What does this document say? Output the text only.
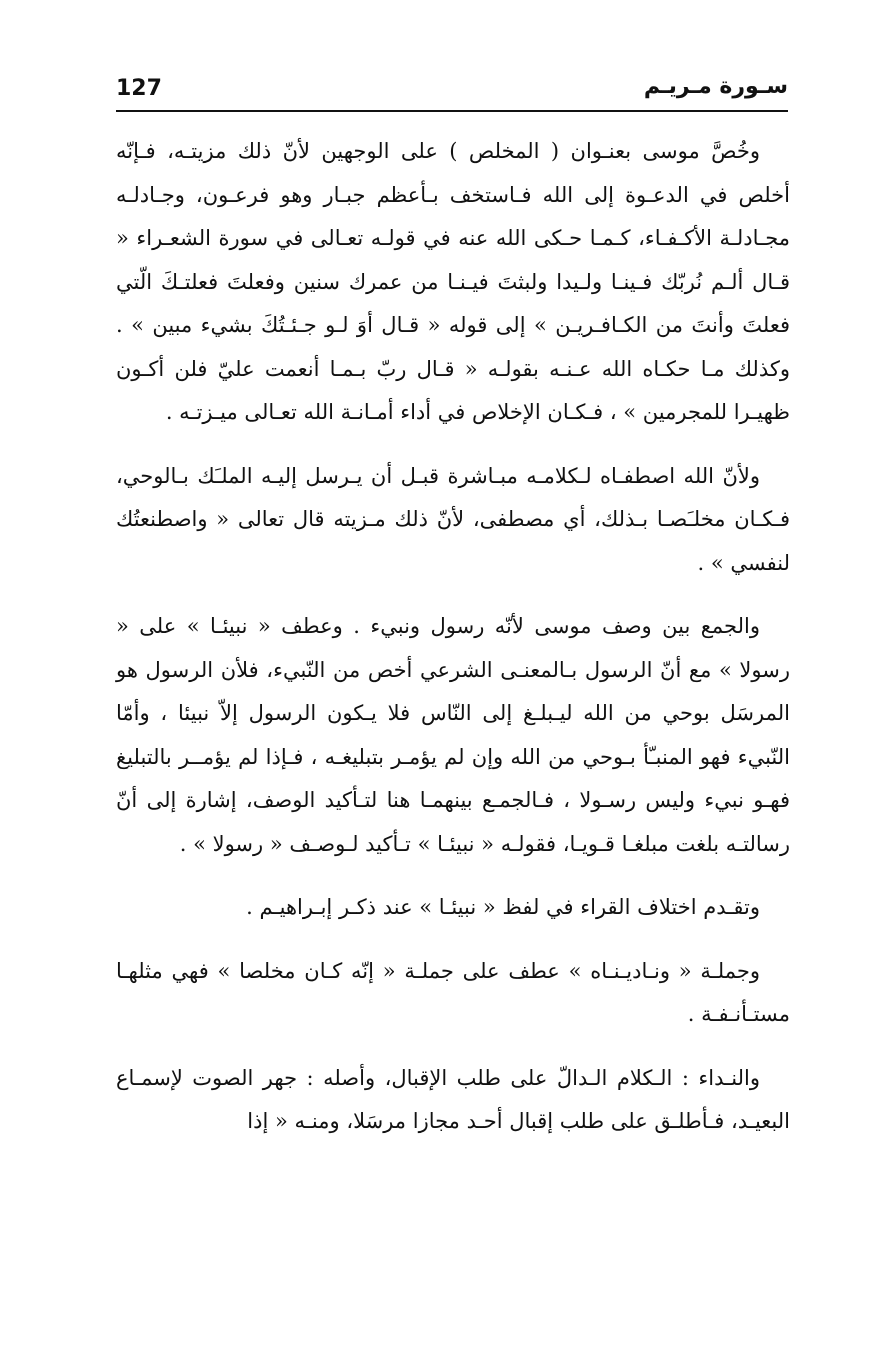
127	سـورة مـريـم

وخُصَّ موسى بعنـوان ( المخلص ) على الوجهين لأنّ ذلك مزيتـه، فـإنّه أخلص في الدعـوة إلى الله فـاستخف بـأعظم جبـار وهو فرعـون، وجـادلـه مجـادلـة الأكـفـاء، كـمـا حـكى الله عنه في قولـه تعـالى في سورة الشعـراء « قـال ألـم نُربّك فـينـا ولـيدا ولبثتَ فيـنـا من عمرك سنين وفعلتَ فعلتـكَ الّتي فعلتَ وأنتَ من الكـافـريـن » إلى قوله « قـال أوَ لـو جـئـتُكَ بشيء مبين » . وكذلك مـا حكـاه الله عـنـه بقولـه « قـال ربّ بـمـا أنعمت عليّ فلن أكـون ظهيـرا للمجرمين » ، فـكـان الإخلاص في أداء أمـانـة الله تعـالى ميـزتـه .

ولأنّ الله اصطفـاه لـكلامـه مبـاشرة قبـل أن يـرسل إليـه الملـَك بـالوحي، فـكـان مخلـَصـا بـذلك، أي مصطفى، لأنّ ذلك مـزيته قال تعالى « واصطنعتُك لنفسي » .

والجمع بين وصف موسى لأنّه رسول ونبيء . وعطف « نبيئـا » على « رسولا » مع أنّ الرسول بـالمعنـى الشرعي أخص من النّبيء، فلأن الرسول هو المرسَل بوحي من الله ليـبلـغ إلى النّاس فلا يـكون الرسول إلاّ نبيئا ، وأمّا النّبيء فهو المنبـّأ بـوحي من الله وإن لم يؤمـر بتبليغـه ، فـإذا لم يؤمــر بالتبليغ فهـو نبيء وليس رسـولا ، فـالجمـع بينهمـا هنا لتـأكيد الوصف، إشارة إلى أنّ رسالتـه بلغت مبلغـا قـويـا، فقولـه « نبيئـا » تـأكيد لـوصـف « رسولا » .

وتقـدم اختلاف القراء في لفظ « نبيئـا » عند ذكـر إبـراهيـم .

وجملـة « ونـاديـنـاه » عطف على جملـة « إنّه كـان مخلصا » فهي مثلهـا مستـأنـفـة .

والنـداء : الـكلام الـدالّ على طلب الإقبال، وأصله : جهر الصوت لإسمـاع البعيـد، فـأطلـق على طلب إقبال أحـد مجازا مرسَلا، ومنـه « إذا
